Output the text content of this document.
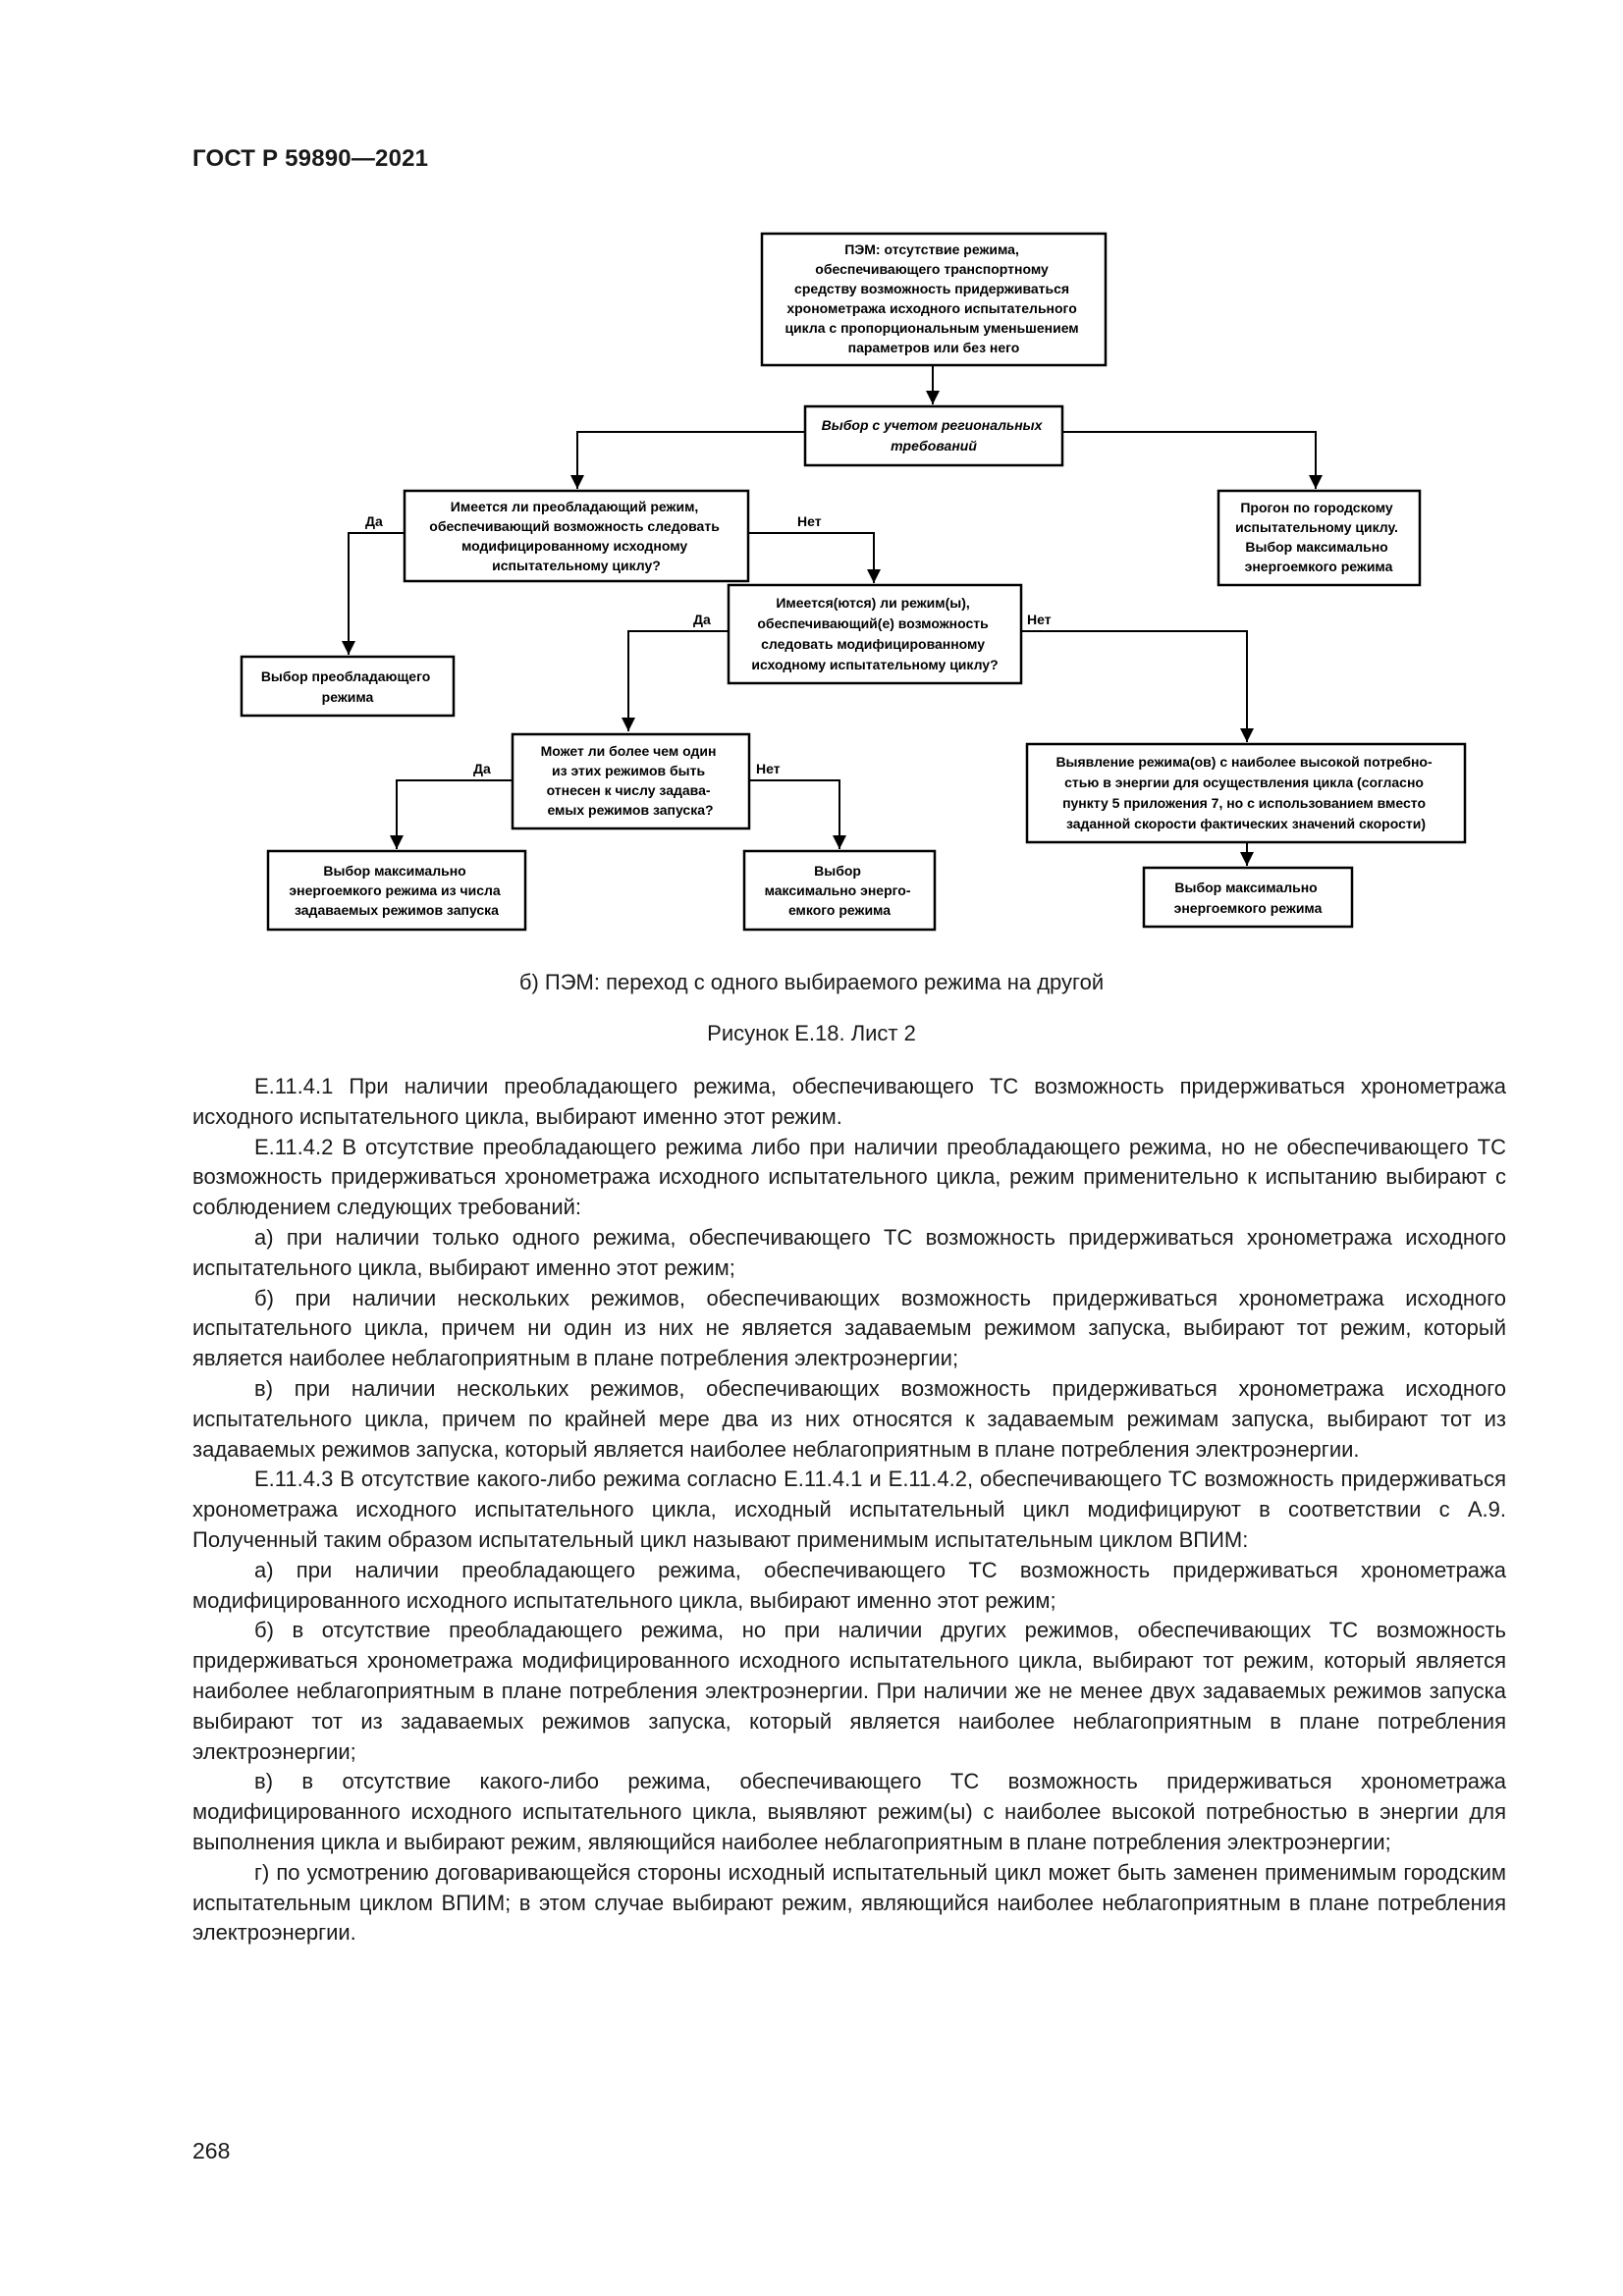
ГОСТ Р 59890—2021
ПЭМ: отсутствие режима, обеспечивающего транспортному средству возможность придерживаться хронометража исходного испытательного цикла с пропорциональным уменьшением параметров или без него
Выбор с учетом региональных требований
Имеется ли преобладающий режим, обеспечивающий возможность следовать модифицированному исходному испытательному циклу?
Прогон по городскому испытательному циклу. Выбор максимально энергоемкого режима
Имеется(ются) ли режим(ы), обеспечивающий(е) возможность следовать модифицированному исходному испытательному циклу?
Выбор преобладающего режима
Может ли более чем один из этих режимов быть отнесен к числу задава- емых режимов запуска?
Выявление режима(ов) с наиболее высокой потребно- стью в энергии для осуществления цикла (согласно пункту 5 приложения 7, но с использованием вместо заданной скорости фактических значений скорости)
Выбор максимально энергоемкого режима из числа задаваемых режимов запуска
Выбор максимально энерго- емкого режима
Выбор максимально энергоемкого режима
Да	Нет
Да	Нет
Да	Нет
б) ПЭМ: переход с одного выбираемого режима на другой
Рисунок Е.18. Лист 2

Е.11.4.1 При наличии преобладающего режима, обеспечивающего ТС возможность придерживаться хронометража исходного испытательного цикла, выбирают именно этот режим.

Е.11.4.2 В отсутствие преобладающего режима либо при наличии преобладающего режима, но не обеспечивающего ТС возможность придерживаться хронометража исходного испытательного цикла, режим применительно к испытанию выбирают с соблюдением следующих требований:

а) при наличии только одного режима, обеспечивающего ТС возможность придерживаться хронометража исходного испытательного цикла, выбирают именно этот режим;

б) при наличии нескольких режимов, обеспечивающих возможность придерживаться хронометража исходного испытательного цикла, причем ни один из них не является задаваемым режимом запуска, выбирают тот режим, который является наиболее неблагоприятным в плане потребления электроэнергии;

в) при наличии нескольких режимов, обеспечивающих возможность придерживаться хронометража исходного испытательного цикла, причем по крайней мере два из них относятся к задаваемым режимам запуска, выбирают тот из задаваемых режимов запуска, который является наиболее неблагоприятным в плане потребления электроэнергии.

Е.11.4.3 В отсутствие какого-либо режима согласно Е.11.4.1 и Е.11.4.2, обеспечивающего ТС возможность придерживаться хронометража исходного испытательного цикла, исходный испытательный цикл модифицируют в соответствии с А.9. Полученный таким образом испытательный цикл называют применимым испытательным циклом ВПИМ:

а) при наличии преобладающего режима, обеспечивающего ТС возможность придерживаться хронометража модифицированного исходного испытательного цикла, выбирают именно этот режим;

б) в отсутствие преобладающего режима, но при наличии других режимов, обеспечивающих ТС возможность придерживаться хронометража модифицированного исходного испытательного цикла, выбирают тот режим, который является наиболее неблагоприятным в плане потребления электроэнергии. При наличии же не менее двух задаваемых режимов запуска выбирают тот из задаваемых режимов запуска, который является наиболее неблагоприятным в плане потребления электроэнергии;

в) в отсутствие какого-либо режима, обеспечивающего ТС возможность придерживаться хронометража модифицированного исходного испытательного цикла, выявляют режим(ы) с наиболее высокой потребностью в энергии для выполнения цикла и выбирают режим, являющийся наиболее неблагоприятным в плане потребления электроэнергии;

г) по усмотрению договаривающейся стороны исходный испытательный цикл может быть заменен применимым городским испытательным циклом ВПИМ; в этом случае выбирают режим, являющийся наиболее неблагоприятным в плане потребления электроэнергии.

268
